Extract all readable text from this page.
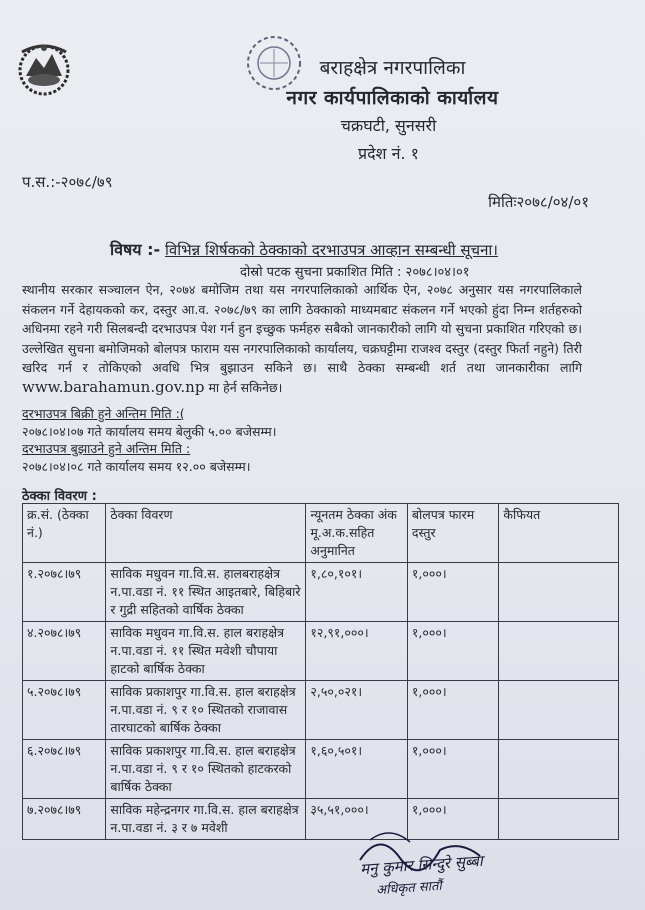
बराहक्षेत्र नगरपालिका
नगर कार्यपालिकाको कार्यालय
चक्रघटी, सुनसरी
प्रदेश नं. १
प.स.:-२०७८/७९
मितिः२०७८/०४/०१
विषय :- विभिन्न शिर्षकको ठेक्काको दरभाउपत्र आव्हान सम्बन्धी सूचना।
दोस्रो पटक सुचना प्रकाशित मिति : २०७८।०४।०१
स्थानीय सरकार सञ्चालन ऐन, २०७४ बमोजिम तथा यस नगरपालिकाको आर्थिक ऐन, २०७८ अनुसार यस नगरपालिकाले संकलन गर्ने देहायकको कर, दस्तुर आ.व. २०७८/७९ का लागि ठेक्काको माध्यमबाट संकलन गर्ने भएको हुंदा निम्न शर्तहरुको अधिनमा रहने गरी सिलबन्दी दरभाउपत्र पेश गर्न हुन इच्छुक फर्महरु सबैको जानकारीको लागि यो सुचना प्रकाशित गरिएको छ। उल्लेखित सुचना बमोजिमको बोलपत्र फाराम यस नगरपालिकाको कार्यालय, चक्रघट्टीमा राजश्व दस्तुर (दस्तुर फिर्ता नहुने) तिरी खरिद गर्न र तोकिएको अवधि भित्र बुझाउन सकिने छ। साथै ठेक्का सम्बन्धी शर्त तथा जानकारीका लागि www.barahamun.gov.np मा हेर्न सकिनेछ।
दरभाउपत्र बिक्री हुने अन्तिम मिति :(
२०७८।०४।०७ गते कार्यालय समय बेलुकी ५.०० बजेसम्म।
दरभाउपत्र बुझाउने हुने अन्तिम मिति :
२०७८।०४।०८ गते कार्यालय समय १२.०० बजेसम्म।
ठेक्का विवरण :
क्र.सं. (ठेक्का नं.)	ठेक्का विवरण	न्यूनतम ठेक्का अंक मू.अ.क.सहित अनुमानित	बोलपत्र फारम दस्तुर	कैफियत
१.२०७८।७९	साविक मधुवन गा.वि.स. हालबराहक्षेत्र न.पा.वडा नं. ११ स्थित आइतबारे, बिहिबारे र गुद्री सहितको वार्षिक ठेक्का	१,८०,१०१।	१,०००।	
४.२०७८।७९	साविक मधुवन गा.वि.स. हाल बराहक्षेत्र न.पा.वडा नं. ११ स्थित मवेशी चौपाया हाटको बार्षिक ठेक्का	१२,९१,०००।	१,०००।	
५.२०७८।७९	साविक प्रकाशपुर गा.वि.स. हाल बराहक्षेत्र न.पा.वडा नं. ९ र १० स्थितको राजावास तारघाटको बार्षिक ठेक्का	२,५०,०२१।	१,०००।	
६.२०७८।७९	साविक प्रकाशपुर गा.वि.स. हाल बराहक्षेत्र न.पा.वडा नं. ९ र १० स्थितको हाटकरको बार्षिक ठेक्का	१,६०,५०१।	१,०००।	
७.२०७८।७९	साविक महेन्द्रनगर गा.वि.स. हाल बराहक्षेत्र न.पा.वडा नं. ३ र ७ मवेशी	३५,५१,०००।	१,०००।	
मनु कुमार सिन्दुरे सुब्बा
अधिकृत सातौं
